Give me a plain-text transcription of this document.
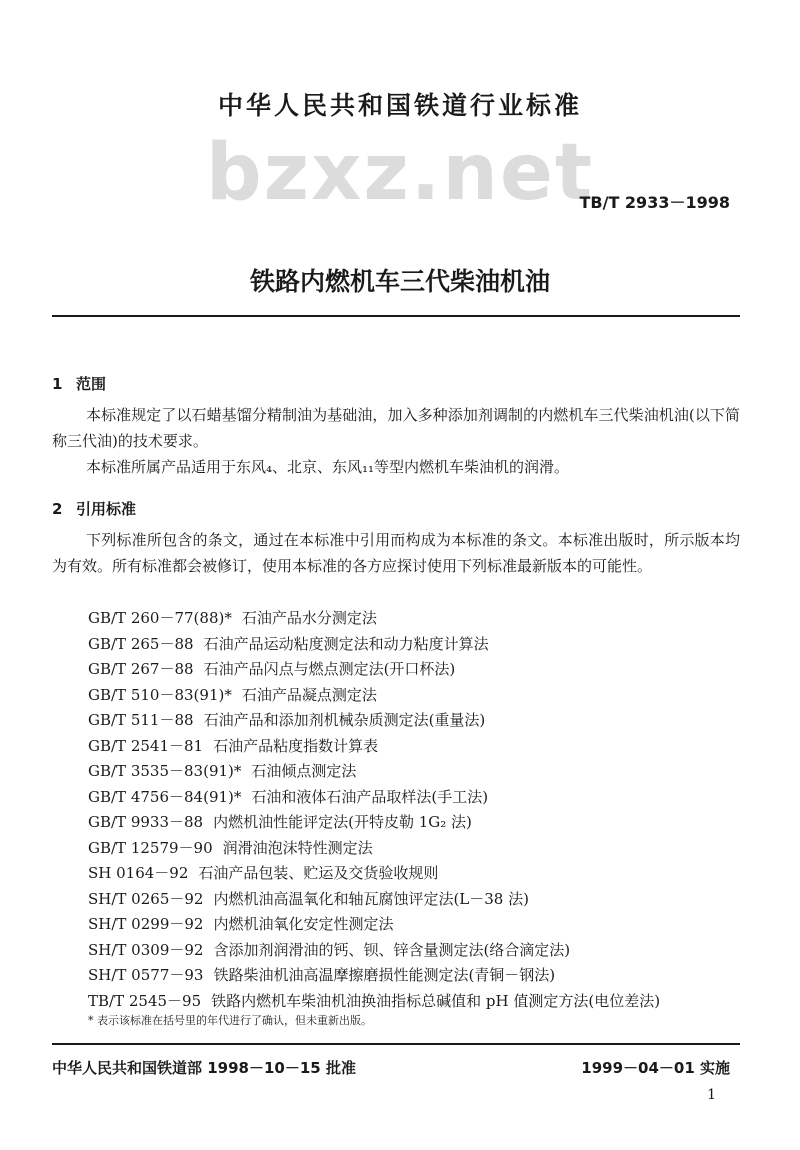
中华人民共和国铁道行业标准
bzxz.net
TB/T 2933－1998
铁路内燃机车三代柴油机油
1 范围
本标准规定了以石蜡基馏分精制油为基础油，加入多种添加剂调制的内燃机车三代柴油机油(以下简称三代油)的技术要求。
本标准所属产品适用于东风₄、北京、东风₁₁等型内燃机车柴油机的润滑。
2 引用标准
下列标准所包含的条文，通过在本标准中引用而构成为本标准的条文。本标准出版时，所示版本均为有效。所有标准都会被修订，使用本标准的各方应探讨使用下列标准最新版本的可能性。
GB/T 260－77(88)* 石油产品水分测定法
GB/T 265－88 石油产品运动粘度测定法和动力粘度计算法
GB/T 267－88 石油产品闪点与燃点测定法(开口杯法)
GB/T 510－83(91)* 石油产品凝点测定法
GB/T 511－88 石油产品和添加剂机械杂质测定法(重量法)
GB/T 2541－81 石油产品粘度指数计算表
GB/T 3535－83(91)* 石油倾点测定法
GB/T 4756－84(91)* 石油和液体石油产品取样法(手工法)
GB/T 9933－88 内燃机油性能评定法(开特皮勒 1G₂ 法)
GB/T 12579－90 润滑油泡沫特性测定法
SH 0164－92 石油产品包装、贮运及交货验收规则
SH/T 0265－92 内燃机油高温氧化和轴瓦腐蚀评定法(L－38 法)
SH/T 0299－92 内燃机油氧化安定性测定法
SH/T 0309－92 含添加剂润滑油的钙、钡、锌含量测定法(络合滴定法)
SH/T 0577－93 铁路柴油机油高温摩擦磨损性能测定法(青铜－钢法)
TB/T 2545－95 铁路内燃机车柴油机油换油指标总碱值和 pH 值测定方法(电位差法)
* 表示该标准在括号里的年代进行了确认，但未重新出版。
中华人民共和国铁道部 1998－10－15 批准	1999－04－01 实施
1
